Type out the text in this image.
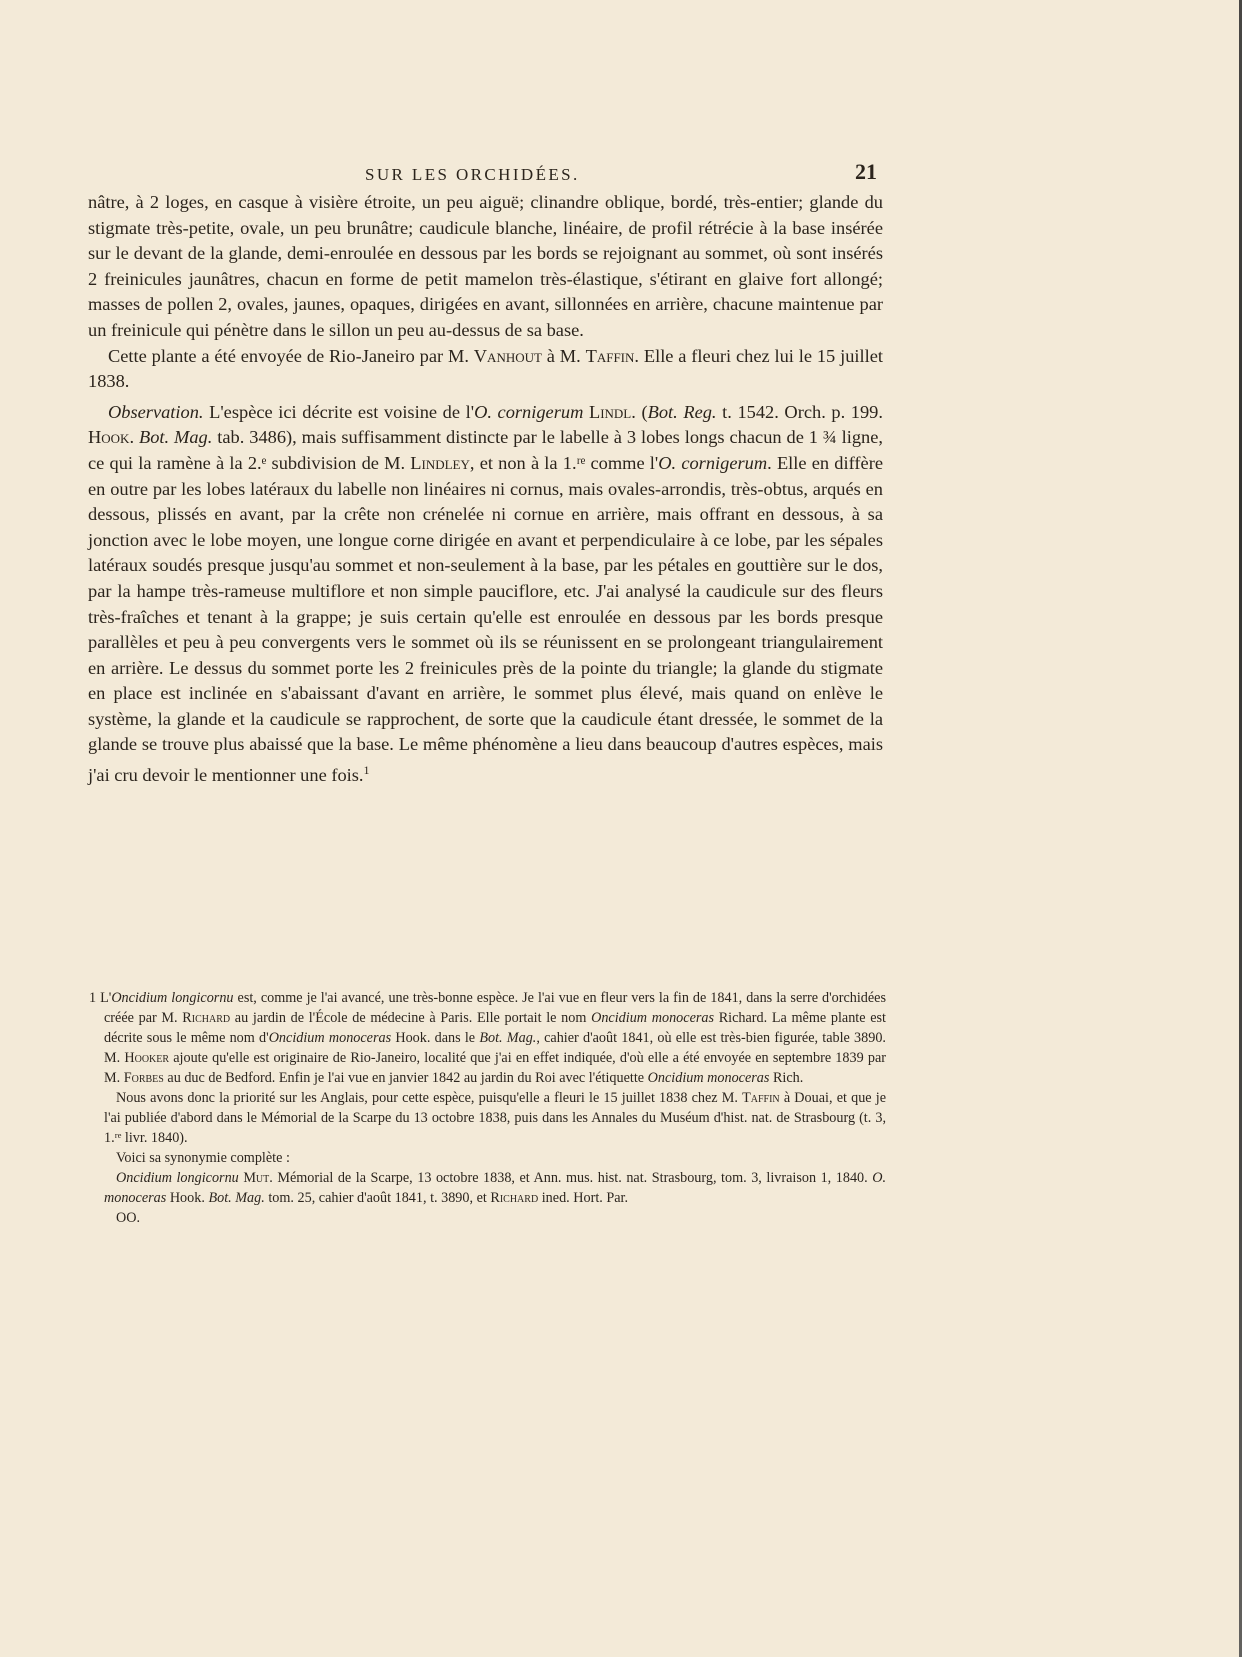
SUR LES ORCHIDÉES.	21

nâtre, à 2 loges, en casque à visière étroite, un peu aiguë; clinandre oblique, bordé, très-entier; glande du stigmate très-petite, ovale, un peu brunâtre; caudicule blanche, linéaire, de profil rétrécie à la base insérée sur le devant de la glande, demi-enroulée en dessous par les bords se rejoignant au sommet, où sont insérés 2 freinicules jaunâtres, chacun en forme de petit mamelon très-élastique, s'étirant en glaive fort allongé; masses de pollen 2, ovales, jaunes, opaques, dirigées en avant, sillonnées en arrière, chacune maintenue par un freinicule qui pénètre dans le sillon un peu au-dessus de sa base.

Cette plante a été envoyée de Rio-Janeiro par M. Vanhout à M. Taffin. Elle a fleuri chez lui le 15 juillet 1838.

Observation. L'espèce ici décrite est voisine de l'O. cornigerum Lindl. (Bot. Reg. t. 1542. Orch. p. 199. Hook. Bot. Mag. tab. 3486), mais suffisamment distincte par le labelle à 3 lobes longs chacun de 1 ¾ ligne, ce qui la ramène à la 2.ᵉ subdivision de M. Lindley, et non à la 1.ʳᵉ comme l'O. cornigerum. Elle en diffère en outre par les lobes latéraux du labelle non linéaires ni cornus, mais ovales-arrondis, très-obtus, arqués en dessous, plissés en avant, par la crête non crénelée ni cornue en arrière, mais offrant en dessous, à sa jonction avec le lobe moyen, une longue corne dirigée en avant et perpendiculaire à ce lobe, par les sépales latéraux soudés presque jusqu'au sommet et non-seulement à la base, par les pétales en gouttière sur le dos, par la hampe très-rameuse multiflore et non simple pauciflore, etc. J'ai analysé la caudicule sur des fleurs très-fraîches et tenant à la grappe; je suis certain qu'elle est enroulée en dessous par les bords presque parallèles et peu à peu convergents vers le sommet où ils se réunissent en se prolongeant triangulairement en arrière. Le dessus du sommet porte les 2 freinicules près de la pointe du triangle; la glande du stigmate en place est inclinée en s'abaissant d'avant en arrière, le sommet plus élevé, mais quand on enlève le système, la glande et la caudicule se rapprochent, de sorte que la caudicule étant dressée, le sommet de la glande se trouve plus abaissé que la base. Le même phénomène a lieu dans beaucoup d'autres espèces, mais j'ai cru devoir le mentionner une fois.$^1$

1 L'Oncidium longicornu est, comme je l'ai avancé, une très-bonne espèce. Je l'ai vue en fleur vers la fin de 1841, dans la serre d'orchidées créée par M. Richard au jardin de l'École de médecine à Paris. Elle portait le nom Oncidium monoceras Richard. La même plante est décrite sous le même nom d'Oncidium monoceras Hook. dans le Bot. Mag., cahier d'août 1841, où elle est très-bien figurée, table 3890. M. Hooker ajoute qu'elle est originaire de Rio-Janeiro, localité que j'ai en effet indiquée, d'où elle a été envoyée en septembre 1839 par M. Forbes au duc de Bedford. Enfin je l'ai vue en janvier 1842 au jardin du Roi avec l'étiquette Oncidium monoceras Rich.

Nous avons donc la priorité sur les Anglais, pour cette espèce, puisqu'elle a fleuri le 15 juillet 1838 chez M. Taffin à Douai, et que je l'ai publiée d'abord dans le Mémorial de la Scarpe du 13 octobre 1838, puis dans les Annales du Muséum d'hist. nat. de Strasbourg (t. 3, 1.ʳᵉ livr. 1840).

Voici sa synonymie complète :

Oncidium longicornu Mut. Mémorial de la Scarpe, 13 octobre 1838, et Ann. mus. hist. nat. Strasbourg, tom. 3, livraison 1, 1840. O. monoceras Hook. Bot. Mag. tom. 25, cahier d'août 1841, t. 3890, et Richard ined. Hort. Par.

OO.
